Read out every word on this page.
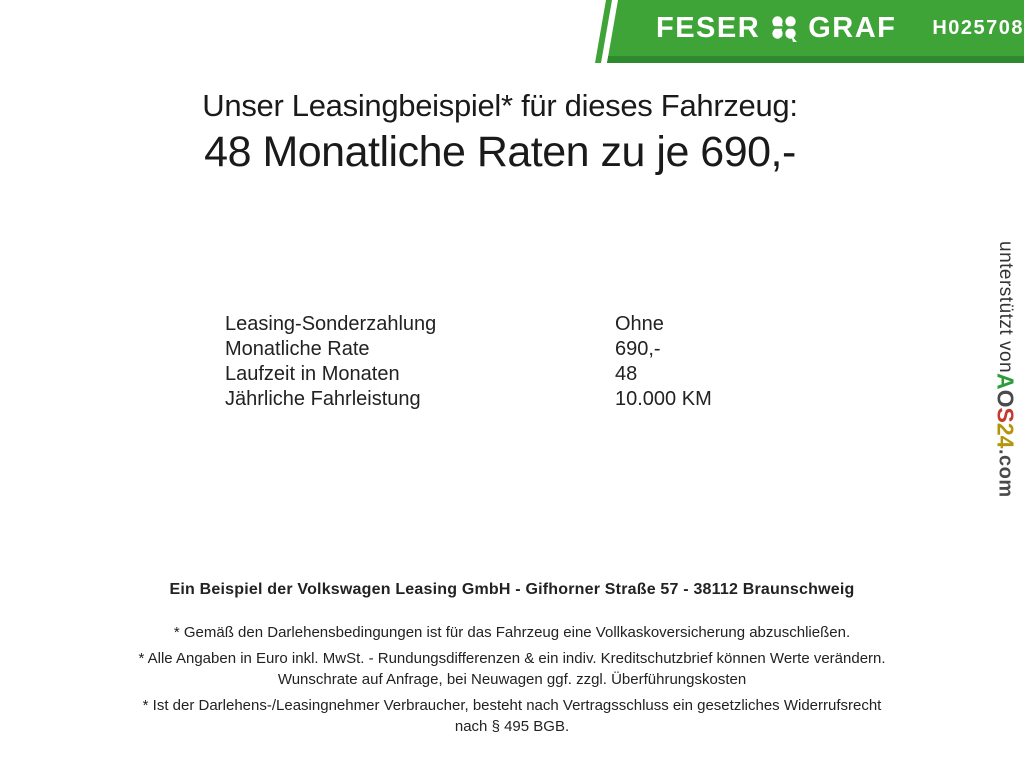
FESER GRAF H025708
Unser Leasingbeispiel* für dieses Fahrzeug:
48 Monatliche Raten zu je 690,-
Leasing-Sonderzahlung	Ohne
Monatliche Rate	690,-
Laufzeit in Monaten	48
Jährliche Fahrleistung	10.000 KM
unterstützt von
AOS24
.com
Ein Beispiel der Volkswagen Leasing GmbH - Gifhorner Straße 57 - 38112 Braunschweig
* Gemäß den Darlehensbedingungen ist für das Fahrzeug eine Vollkaskoversicherung abzuschließen.
* Alle Angaben in Euro inkl. MwSt. - Rundungsdifferenzen & ein indiv. Kreditschutzbrief können Werte verändern.
Wunschrate auf Anfrage, bei Neuwagen ggf. zzgl. Überführungskosten
* Ist der Darlehens-/Leasingnehmer Verbraucher, besteht nach Vertragsschluss ein gesetzliches Widerrufsrecht
nach § 495 BGB.
